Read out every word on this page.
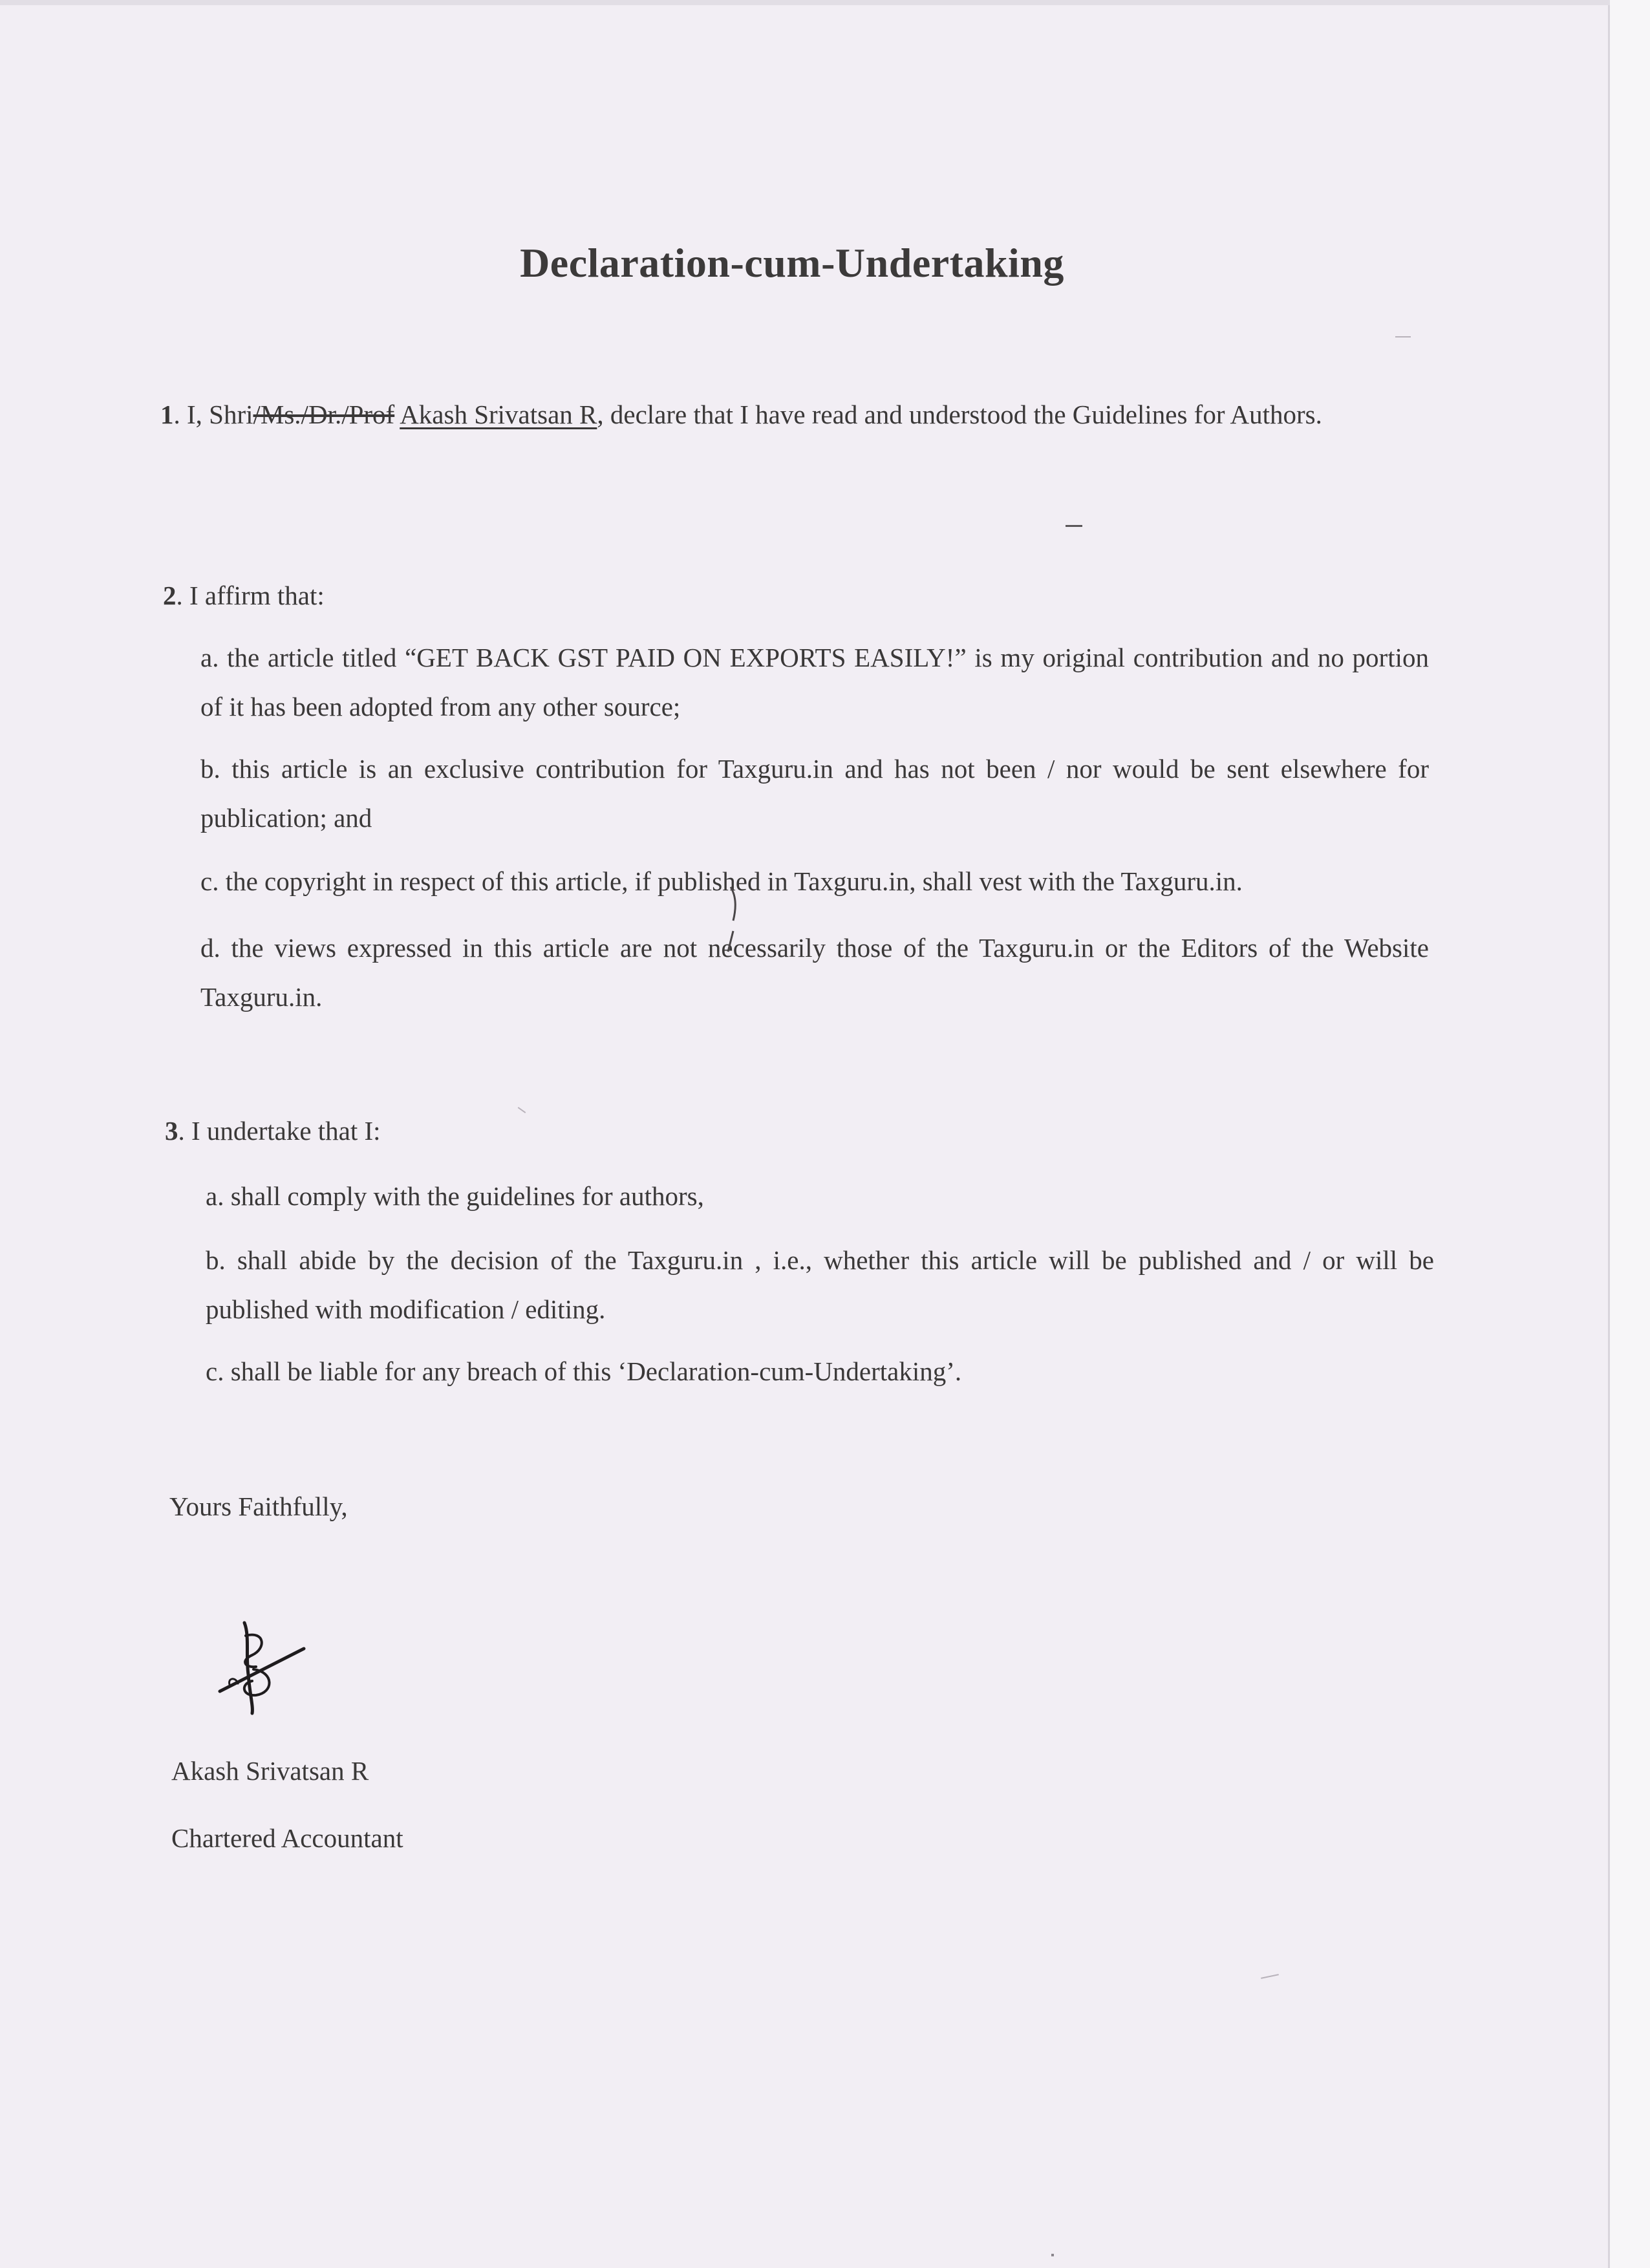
Declaration-cum-Undertaking

1. I, Shri/Ms./Dr./Prof Akash Srivatsan R, declare that I have read and understood the Guidelines for Authors.

2. I affirm that:

a. the article titled “GET BACK GST PAID ON EXPORTS EASILY!” is my original contribution and no portion of it has been adopted from any other source;

b. this article is an exclusive contribution for Taxguru.in and has not been / nor would be sent elsewhere for publication; and

c. the copyright in respect of this article, if published in Taxguru.in, shall vest with the Taxguru.in.

d. the views expressed in this article are not necessarily those of the Taxguru.in or the Editors of the Website Taxguru.in.

3. I undertake that I:

a. shall comply with the guidelines for authors,

b. shall abide by the decision of the Taxguru.in , i.e., whether this article will be published and / or will be published with modification / editing.

c. shall be liable for any breach of this ‘Declaration-cum-Undertaking’.

Yours Faithfully,
Akash Srivatsan R
Chartered Accountant
